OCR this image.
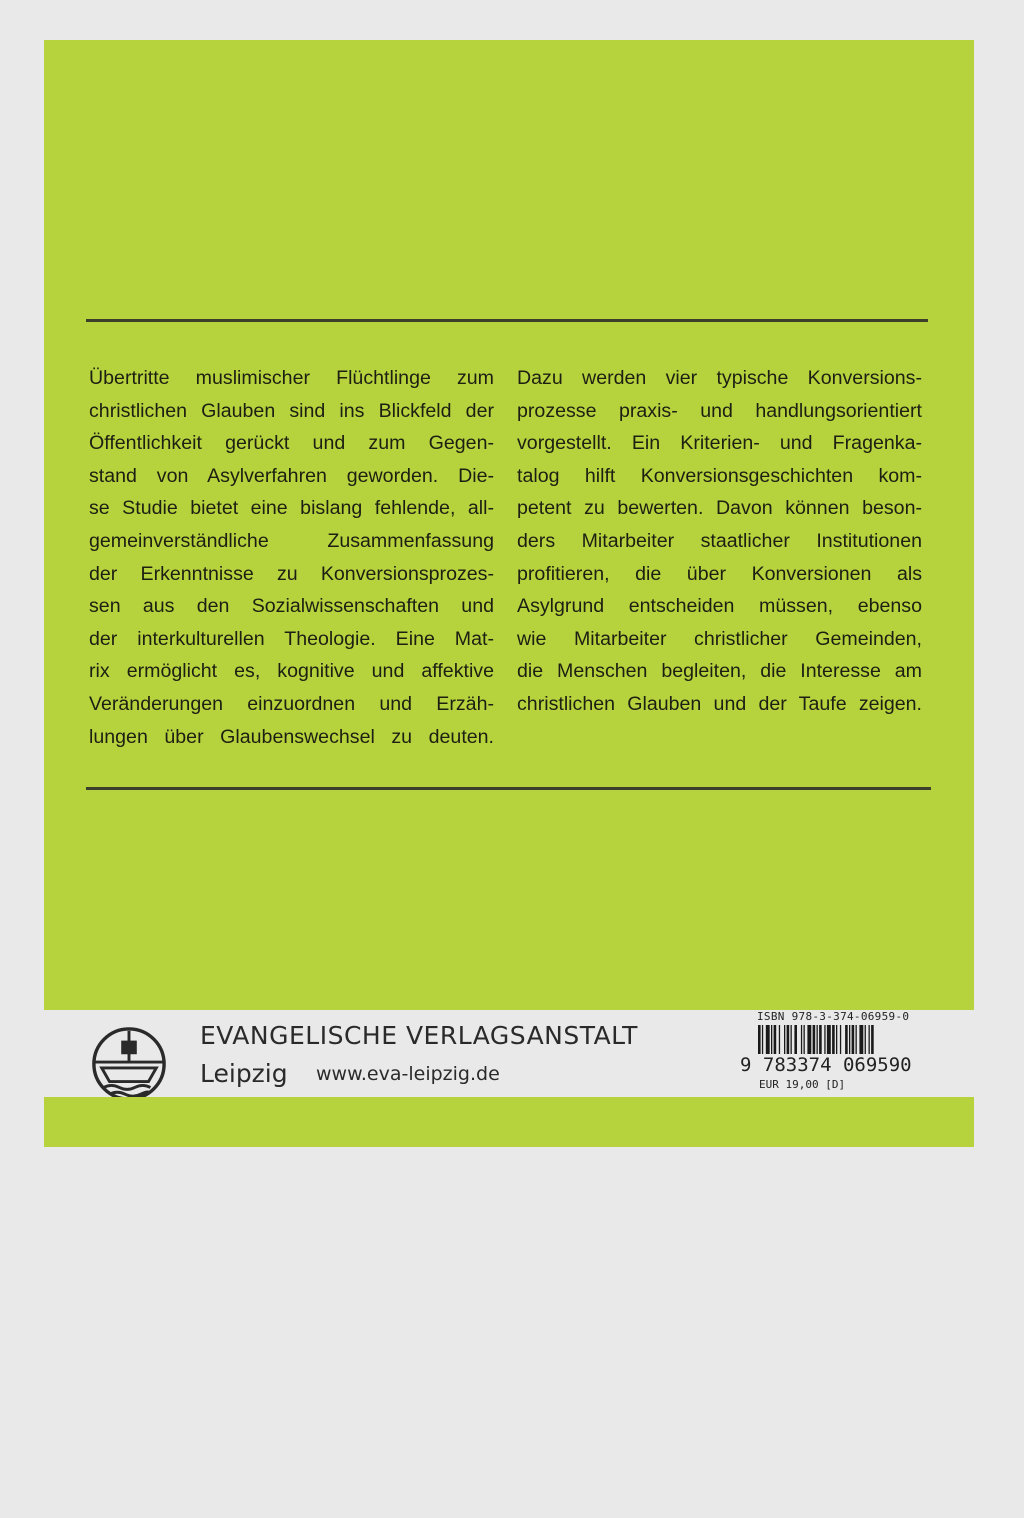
Übertritte muslimischer Flüchtlinge zum
christlichen Glauben sind ins Blickfeld der
Öffentlichkeit gerückt und zum Gegen-
stand von Asylverfahren geworden. Die-
se Studie bietet eine bislang fehlende, all-
gemeinverständliche Zusammenfassung
der Erkenntnisse zu Konversionsprozes-
sen aus den Sozialwissenschaften und
der interkulturellen Theologie. Eine Mat-
rix ermöglicht es, kognitive und affektive
Veränderungen einzuordnen und Erzäh-
lungen über Glaubenswechsel zu deuten.
Dazu werden vier typische Konversions-
prozesse praxis- und handlungsorientiert
vorgestellt. Ein Kriterien- und Fragenka-
talog hilft Konversionsgeschichten kom-
petent zu bewerten. Davon können beson-
ders Mitarbeiter staatlicher Institutionen
profitieren, die über Konversionen als
Asylgrund entscheiden müssen, ebenso
wie Mitarbeiter christlicher Gemeinden,
die Menschen begleiten, die Interesse am
christlichen Glauben und der Taufe zeigen.
EVANGELISCHE VERLAGSANSTALT
Leipzig www.eva-leipzig.de
ISBN 978-3-374-06959-0
9 783374 069590
EUR 19,00 [D]
